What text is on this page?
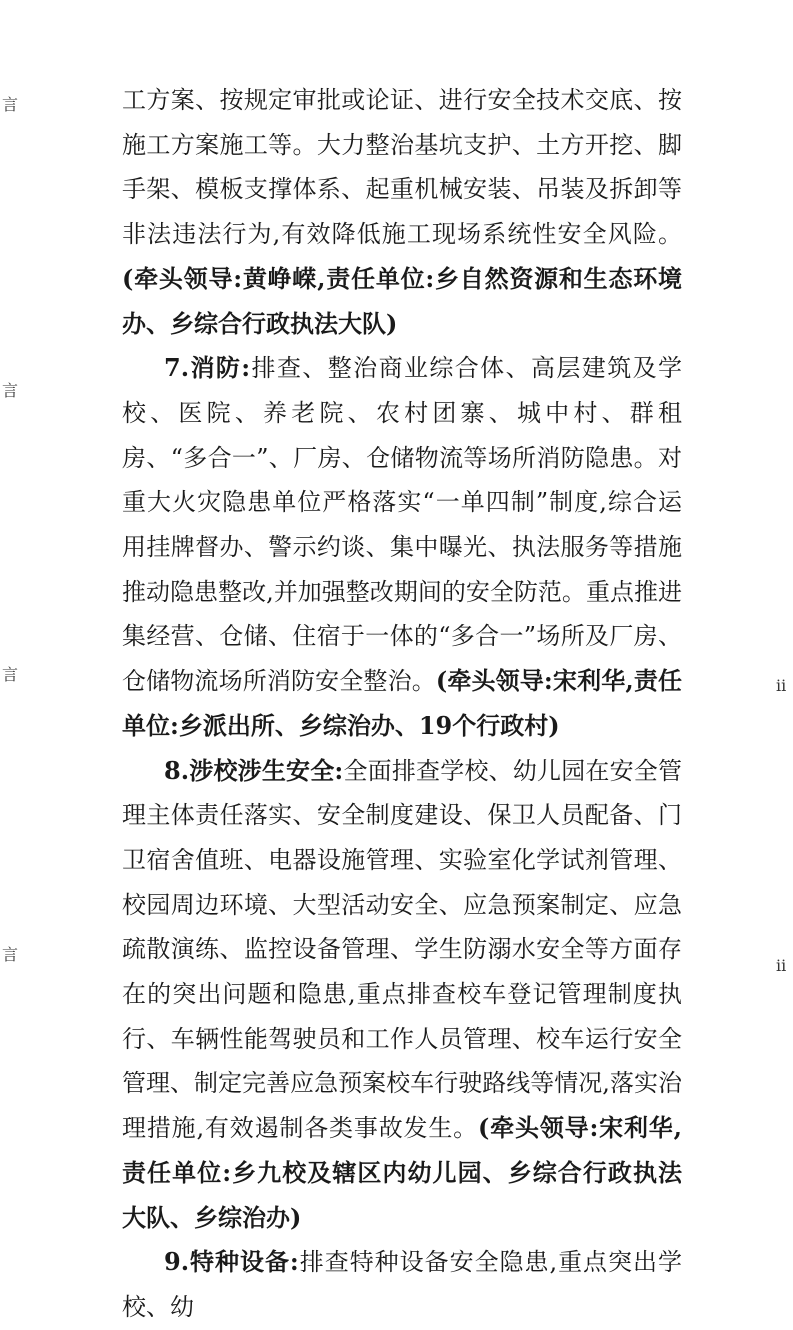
言
言
言
言
ⅱ
ⅱ

工方案、按规定审批或论证、进行安全技术交底、按施工方案施工等。大力整治基坑支护、土方开挖、脚手架、模板支撑体系、起重机械安装、吊装及拆卸等非法违法行为,有效降低施工现场系统性安全风险。(牵头领导:黄峥嵘,责任单位:乡自然资源和生态环境办、乡综合行政执法大队)

7.消防:排查、整治商业综合体、高层建筑及学校、医院、养老院、农村团寨、城中村、群租房、“多合一”、厂房、仓储物流等场所消防隐患。对重大火灾隐患单位严格落实“一单四制”制度,综合运用挂牌督办、警示约谈、集中曝光、执法服务等措施推动隐患整改,并加强整改期间的安全防范。重点推进集经营、仓储、住宿于一体的“多合一”场所及厂房、仓储物流场所消防安全整治。(牵头领导:宋利华,责任单位:乡派出所、乡综治办、19个行政村)

8.涉校涉生安全:全面排查学校、幼儿园在安全管理主体责任落实、安全制度建设、保卫人员配备、门卫宿舍值班、电器设施管理、实验室化学试剂管理、校园周边环境、大型活动安全、应急预案制定、应急疏散演练、监控设备管理、学生防溺水安全等方面存在的突出问题和隐患,重点排查校车登记管理制度执行、车辆性能驾驶员和工作人员管理、校车运行安全管理、制定完善应急预案校车行驶路线等情况,落实治理措施,有效遏制各类事故发生。(牵头领导:宋利华,责任单位:乡九校及辖区内幼儿园、乡综合行政执法大队、乡综治办)

9.特种设备:排查特种设备安全隐患,重点突出学校、幼
